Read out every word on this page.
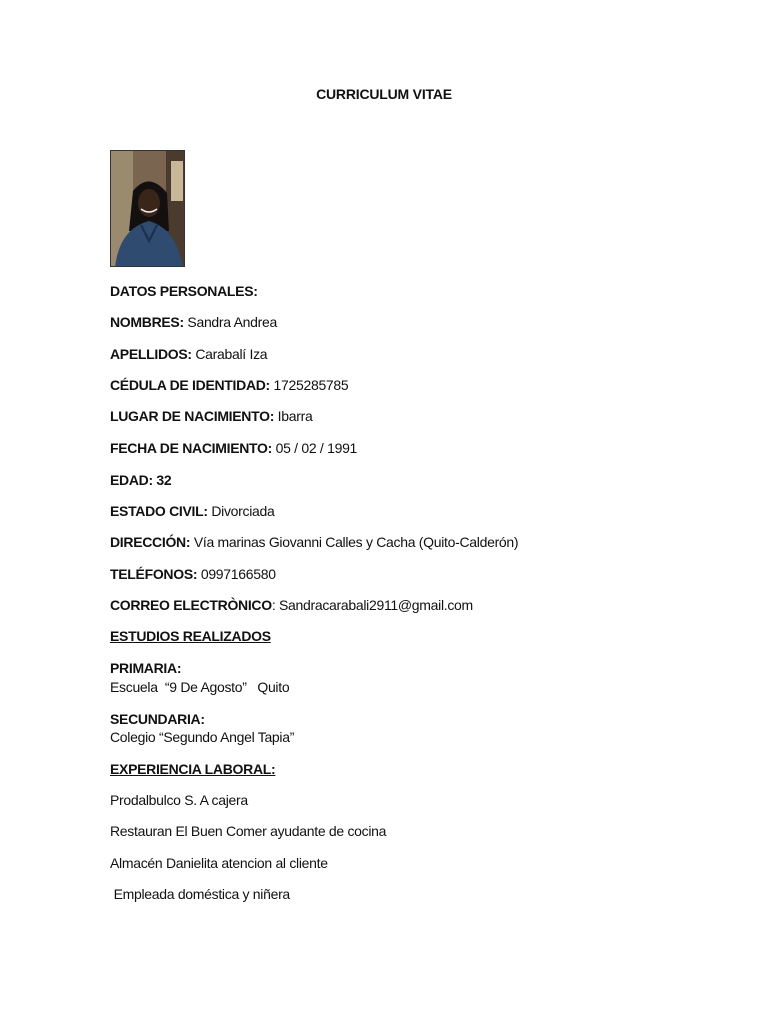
CURRICULUM VITAE
DATOS PERSONALES:
NOMBRES: Sandra Andrea
APELLIDOS: Carabalí Iza
CÉDULA DE IDENTIDAD: 1725285785
LUGAR DE NACIMIENTO: Ibarra
FECHA DE NACIMIENTO: 05 / 02 / 1991
EDAD: 32
ESTADO CIVIL: Divorciada
DIRECCIÓN: Vía marinas Giovanni Calles y Cacha (Quito-Calderón)
TELÉFONOS: 0997166580
CORREO ELECTRÒNICO: Sandracarabali2911@gmail.com
ESTUDIOS REALIZADOS
PRIMARIA:
Escuela  “9 De Agosto”   Quito
SECUNDARIA:
Colegio “Segundo Angel Tapia”
EXPERIENCIA LABORAL:
Prodalbulco S. A cajera
Restauran El Buen Comer ayudante de cocina
Almacén Danielita atencion al cliente
Empleada doméstica y niñera
